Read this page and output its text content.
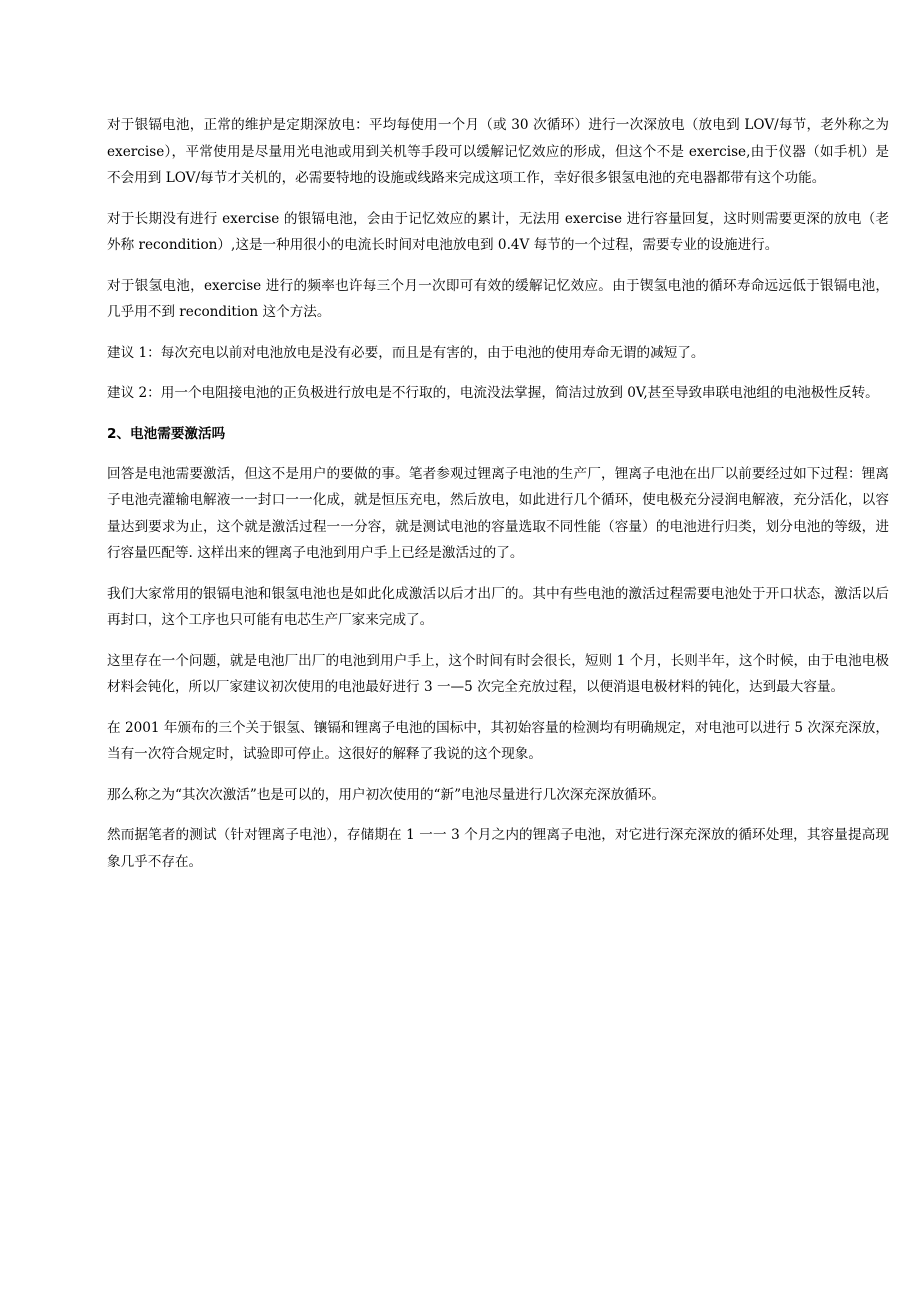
对于银镉电池，正常的维护是定期深放电：平均每使用一个月（或 30 次循环）进行一次深放电（放电到 LOV/每节，老外称之为 exercise），平常使用是尽量用光电池或用到关机等手段可以缓解记忆效应的形成，但这个不是 exercise,由于仪器（如手机）是不会用到 LOV/每节才关机的，必需要特地的设施或线路来完成这项工作，幸好很多银氢电池的充电器都带有这个功能。

对于长期没有进行 exercise 的银镉电池，会由于记忆效应的累计，无法用 exercise 进行容量回复，这时则需要更深的放电（老外称 recondition）,这是一种用很小的电流长时间对电池放电到 0.4V 每节的一个过程，需要专业的设施进行。

对于银氢电池，exercise 进行的频率也许每三个月一次即可有效的缓解记忆效应。由于锲氢电池的循环寿命远远低于银镉电池，几乎用不到 recondition 这个方法。

建议 1：每次充电以前对电池放电是没有必要，而且是有害的，由于电池的使用寿命无谓的减短了。

建议 2：用一个电阻接电池的正负极进行放电是不行取的，电流没法掌握，简洁过放到 0V,甚至导致串联电池组的电池极性反转。

2、电池需要激活吗

回答是电池需要激活，但这不是用户的要做的事。笔者参观过锂离子电池的生产厂，锂离子电池在出厂以前要经过如下过程：锂离子电池壳灌输电解液一一封口一一化成，就是恒压充电，然后放电，如此进行几个循环，使电极充分浸润电解液，充分活化，以容量达到要求为止，这个就是激活过程一一分容，就是测试电池的容量选取不同性能（容量）的电池进行归类，划分电池的等级，进行容量匹配等. 这样出来的锂离子电池到用户手上已经是激活过的了。

我们大家常用的银镉电池和银氢电池也是如此化成激活以后才出厂的。其中有些电池的激活过程需要电池处于开口状态，激活以后再封口，这个工序也只可能有电芯生产厂家来完成了。

这里存在一个问题，就是电池厂出厂的电池到用户手上，这个时间有时会很长，短则 1 个月，长则半年，这个时候，由于电池电极材料会钝化，所以厂家建议初次使用的电池最好进行 3 一—5 次完全充放过程，以便消退电极材料的钝化，达到最大容量。

在 2001 年颁布的三个关于银氢、镶镉和锂离子电池的国标中，其初始容量的检测均有明确规定，对电池可以进行 5 次深充深放，当有一次符合规定时，试验即可停止。这很好的解释了我说的这个现象。

那么称之为“其次次激活”也是可以的，用户初次使用的“新”电池尽量进行几次深充深放循环。

然而据笔者的测试（针对锂离子电池），存储期在 1 一一 3 个月之内的锂离子电池，对它进行深充深放的循环处理，其容量提高现象几乎不存在。
